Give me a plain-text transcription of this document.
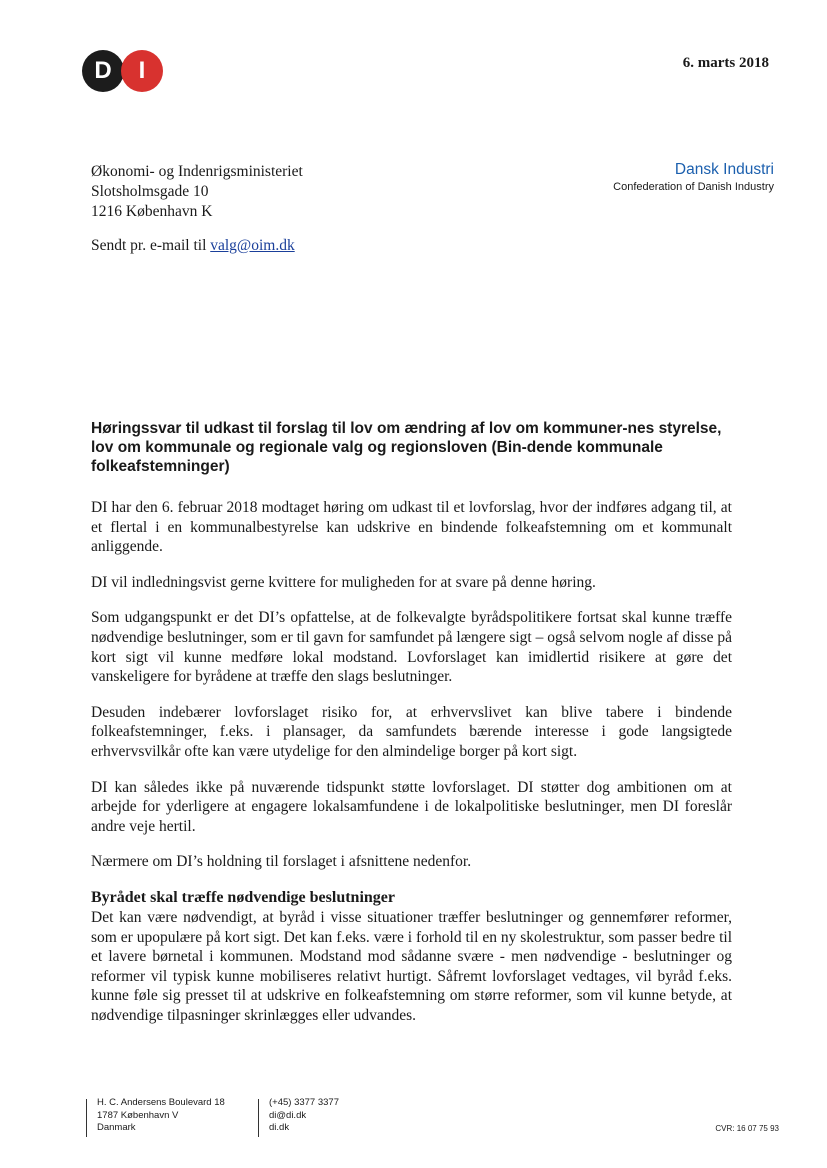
D	I	6. marts 2018
Økonomi- og Indenrigsministeriet
Slotsholmsgade 10
1216 København K
Dansk Industri
Confederation of Danish Industry
Sendt pr. e-mail til valg@oim.dk
Høringssvar til udkast til forslag til lov om ændring af lov om kommuner-nes styrelse, lov om kommunale og regionale valg og regionsloven (Bin-dende kommunale folkeafstemninger)

DI har den 6. februar 2018 modtaget høring om udkast til et lovforslag, hvor der indføres adgang til, at et flertal i en kommunalbestyrelse kan udskrive en bindende folkeafstemning om et kommunalt anliggende.

DI vil indledningsvist gerne kvittere for muligheden for at svare på denne høring.

Som udgangspunkt er det DI’s opfattelse, at de folkevalgte byrådspolitikere fortsat skal kunne træffe nødvendige beslutninger, som er til gavn for samfundet på længere sigt – også selvom nogle af disse på kort sigt vil kunne medføre lokal modstand. Lovforslaget kan imidlertid risikere at gøre det vanskeligere for byrådene at træffe den slags beslutninger.

Desuden indebærer lovforslaget risiko for, at erhvervslivet kan blive tabere i bindende folkeafstemninger, f.eks. i plansager, da samfundets bærende interesse i gode langsigtede erhvervsvilkår ofte kan være utydelige for den almindelige borger på kort sigt.

DI kan således ikke på nuværende tidspunkt støtte lovforslaget. DI støtter dog ambitionen om at arbejde for yderligere at engagere lokalsamfundene i de lokalpolitiske beslutninger, men DI foreslår andre veje hertil.

Nærmere om DI’s holdning til forslaget i afsnittene nedenfor.

Byrådet skal træffe nødvendige beslutninger

Det kan være nødvendigt, at byråd i visse situationer træffer beslutninger og gennemfører reformer, som er upopulære på kort sigt. Det kan f.eks. være i forhold til en ny skolestruktur, som passer bedre til et lavere børnetal i kommunen. Modstand mod sådanne svære - men nødvendige - beslutninger og reformer vil typisk kunne mobiliseres relativt hurtigt. Såfremt lovforslaget vedtages, vil byråd f.eks. kunne føle sig presset til at udskrive en folkeafstemning om større reformer, som vil kunne betyde, at nødvendige tilpasninger skrinlægges eller udvandes.

H. C. Andersens Boulevard 18
1787 København V
Danmark
(+45) 3377 3377
di@di.dk
di.dk	CVR: 16 07 75 93
